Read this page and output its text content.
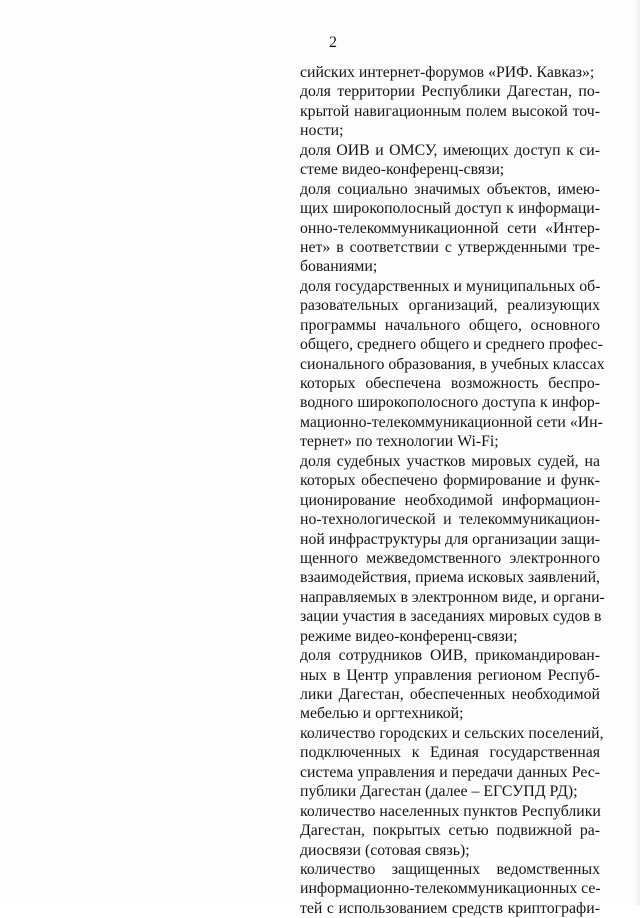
2
сийских интернет-форумов «РИФ. Кавказ»;
доля территории Республики Дагестан, по-
крытой навигационным полем высокой точ-
ности;
доля ОИВ и ОМСУ, имеющих доступ к си-
стеме видео-конференц-связи;
доля социально значимых объектов, имею-
щих широкополосный доступ к информаци-
онно-телекоммуникационной сети «Интер-
нет» в соответствии с утвержденными тре-
бованиями;
доля государственных и муниципальных об-
разовательных организаций, реализующих
программы начального общего, основного
общего, среднего общего и среднего профес-
сионального образования, в учебных классах
которых обеспечена возможность беспро-
водного широкополосного доступа к инфор-
мационно-телекоммуникационной сети «Ин-
тернет» по технологии Wi-Fi;
доля судебных участков мировых судей, на
которых обеспечено формирование и функ-
ционирование необходимой информацион-
но-технологической и телекоммуникацион-
ной инфраструктуры для организации защи-
щенного межведомственного электронного
взаимодействия, приема исковых заявлений,
направляемых в электронном виде, и органи-
зации участия в заседаниях мировых судов в
режиме видео-конференц-связи;
доля сотрудников ОИВ, прикомандирован-
ных в Центр управления регионом Респуб-
лики Дагестан, обеспеченных необходимой
мебелью и оргтехникой;
количество городских и сельских поселений,
подключенных к Единая государственная
система управления и передачи данных Рес-
публики Дагестан (далее – ЕГСУПД РД);
количество населенных пунктов Республики
Дагестан, покрытых сетью подвижной ра-
диосвязи (сотовая связь);
количество защищенных ведомственных
информационно-телекоммуникационных се-
тей с использованием средств криптографи-
